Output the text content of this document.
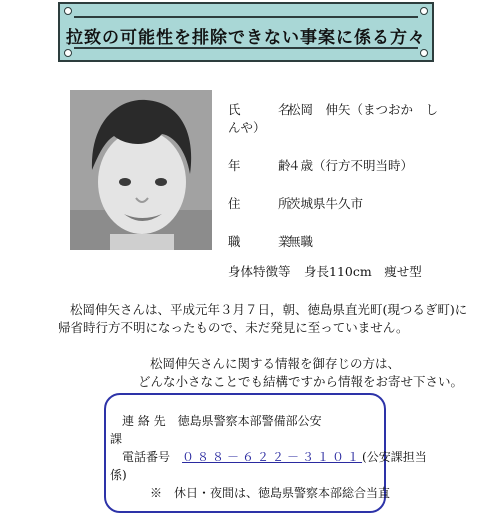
拉致の可能性を排除できない事案に係る方々
氏　　　名松岡　伸矢（まつおか　し
んや）
年　　　齢４歳（行方不明当時）
住　　　所茨城県牛久市
職　　　業無職
身体特徴等 身長110cm　痩せ型
松岡伸矢さんは、平成元年３月７日，朝、徳島県直光町(現つるぎ町)に
帰省時行方不明になったもので、未だ発見に至っていません。
松岡伸矢さんに関する情報を御存じの方は、
どんな小さなことでも結構ですから情報をお寄せ下さい。
連 絡 先　 徳島県警察本部警備部公安
課
電話番号　 ０８８－６２２－３１０１(公安課担当
係)
※　休日・夜間は、徳島県警察本部総合当直
